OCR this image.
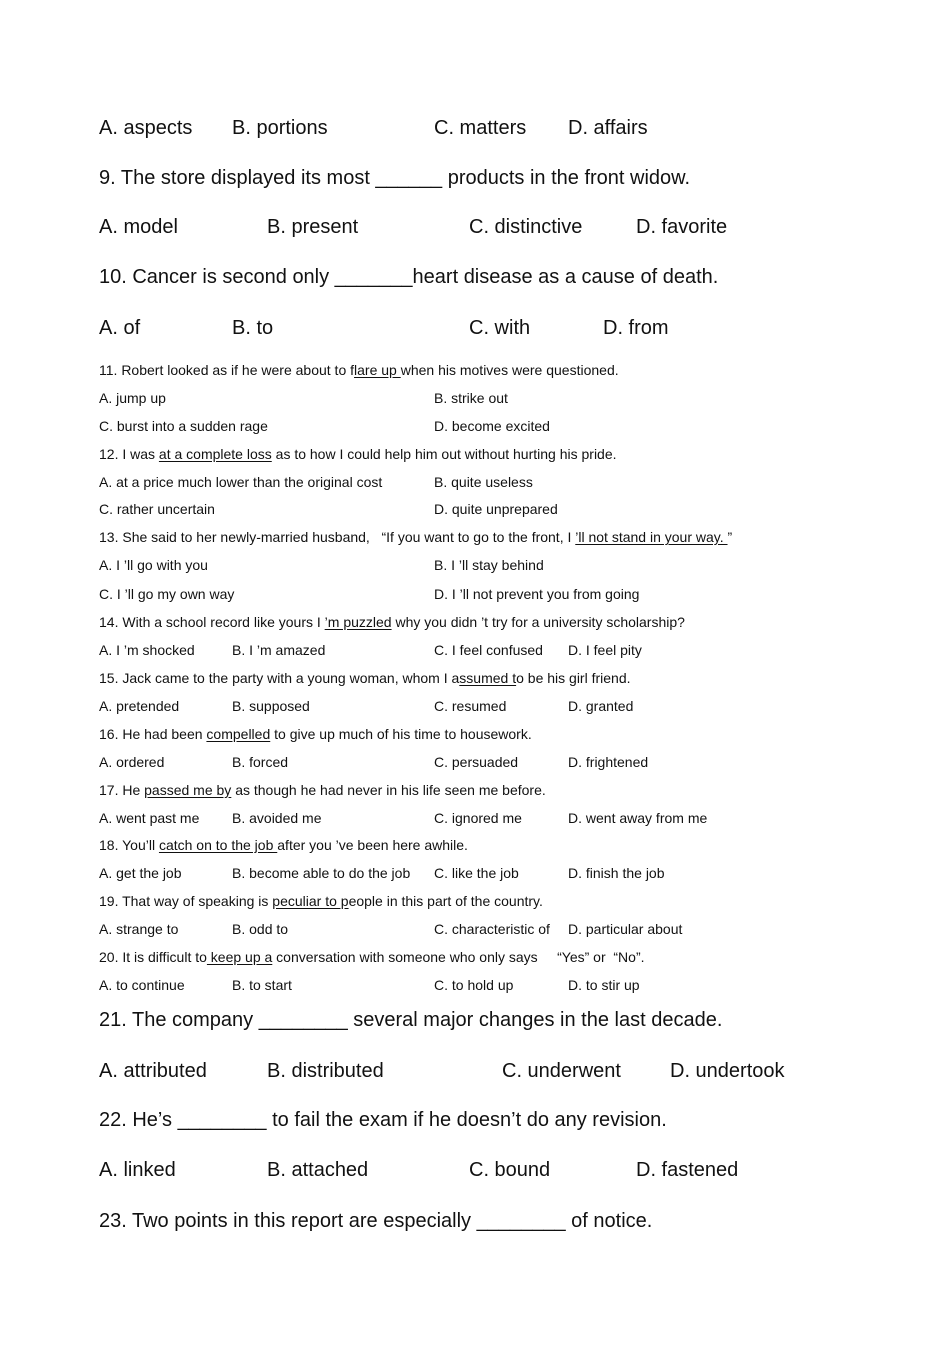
A. aspects B. portions	C. matters D. affairs
9. The store displayed its most ______ products in the front widow.
A. model	B. present	C. distinctive	D. favorite
10. Cancer is second only _______heart disease as a cause of death.
A. of	B. to	C. with	D. from
11. Robert looked as if he were about to flare up when his motives were questioned.
A. jump up	B. strike out
C. burst into a sudden rage	D. become excited
12. I was at a complete loss as to how I could help him out without hurting his pride.
A. at a price much lower than the original cost	B. quite useless
C. rather uncertain	D. quite unprepared
13. She said to her newly-married husband,   “If you want to go to the front, I ’ll not stand in your way. ”
A. I ’ll go with you	B. I ’ll stay behind
C. I ’ll go my own way	D. I ’ll not prevent you from going
14. With a school record like yours I ’m puzzled why you didn ’t try for a university scholarship?
A. I ’m shocked	B. I ’m amazed	C. I feel confused D. I feel pity
15. Jack came to the party with a young woman, whom I assumed to be his girl friend.
A. pretended	B. supposed	C. resumed	D. granted
16. He had been compelled to give up much of his time to housework.
A. ordered	B. forced	C. persuaded	D. frightened
17. He passed me by as though he had never in his life seen me before.
A. went past me B. avoided me	C. ignored me	D. went away from me
18. You’ll catch on to the job after you ’ve been here awhile.
A. get the job	B. become able to do the job C. like the job	D. finish the job
19. That way of speaking is peculiar to people in this part of the country.
A. strange to	B. odd to	C. characteristic of D. particular about
20. It is difficult to keep up a conversation with someone who only says     “Yes” or  “No”.
A. to continue	B. to start	C. to hold up	D. to stir up
21. The company ________ several major changes in the last decade.
A. attributed	B. distributed	C. underwent D. undertook
22. He’s ________ to fail the exam if he doesn’t do any revision.
A. linked	B. attached	C. bound	D. fastened
23. Two points in this report are especially ________ of notice.
